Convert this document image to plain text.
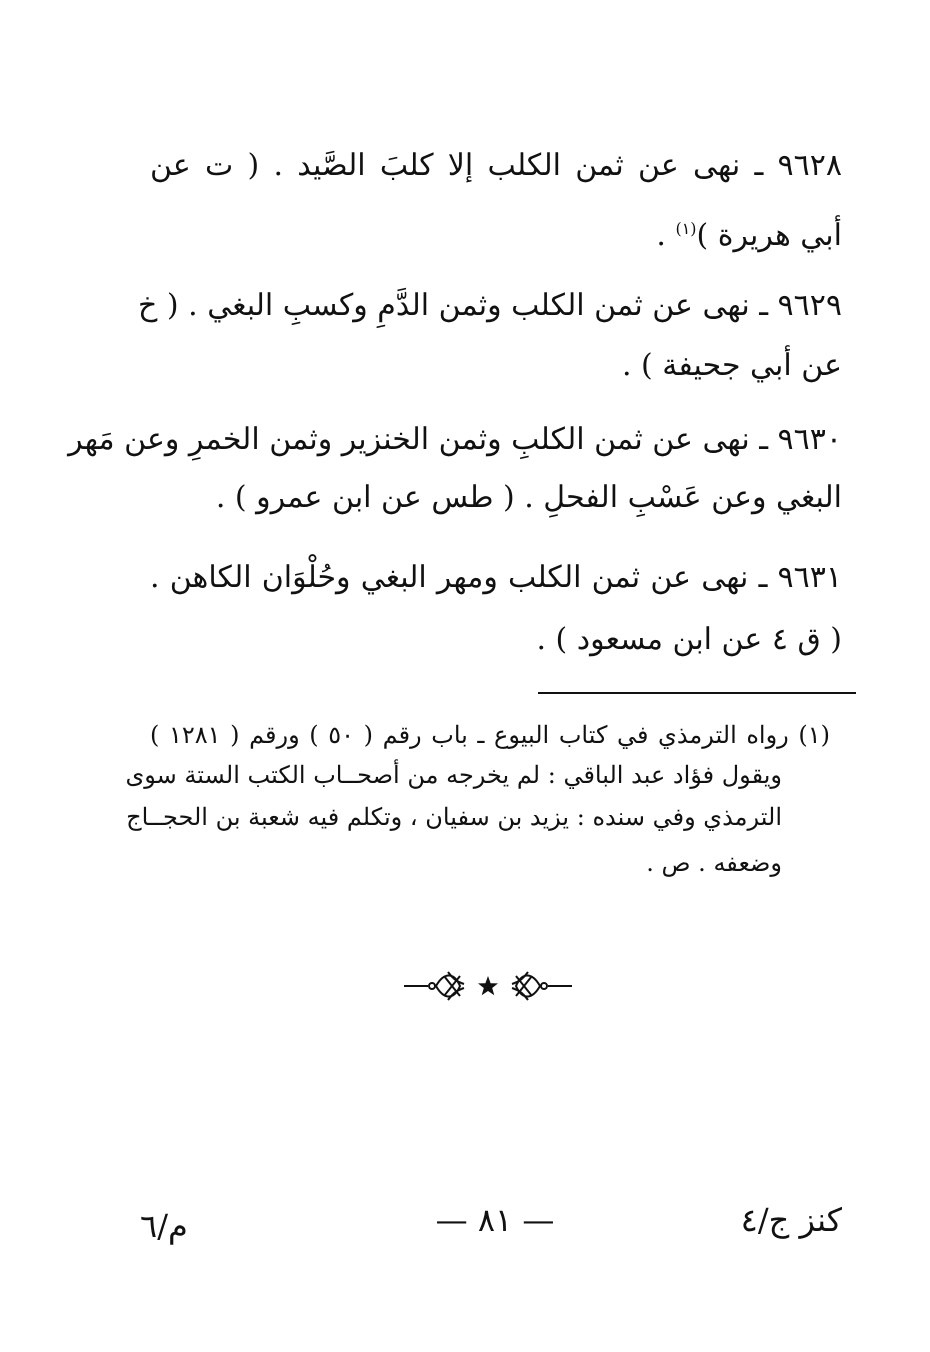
٩٦٢٨ ـ نهى عن ثمن الكلب إلا كلبَ الصَّيد . ( ت عن
أبي هريرة )$^{(١)}$ .
٩٦٢٩ ـ نهى عن ثمن الكلب وثمن الدَّمِ وكسبِ البغي . ( خ
عن أبي جحيفة ) .
٩٦٣٠ ـ نهى عن ثمن الكلبِ وثمن الخنزير وثمن الخمرِ وعن مَهر
البغي وعن عَسْبِ الفحلِ . ( طس عن ابن عمرو ) .
٩٦٣١ ـ نهى عن ثمن الكلب ومهر البغي وحُلْوَان الكاهن .
( ق ٤ عن ابن مسعود ) .
(١) رواه الترمذي في كتاب البيوع ـ باب رقم ( ٥٠ ) ورقم ( ١٢٨١ )
ويقول فؤاد عبد الباقي : لم يخرجه من أصحــاب الكتب الستة سوى
الترمذي وفي سنده : يزيد بن سفيان ، وتكلم فيه شعبة بن الحجــاج
وضعفه . ص .
كنز ج/٤
— ٨١ —
م/٦
